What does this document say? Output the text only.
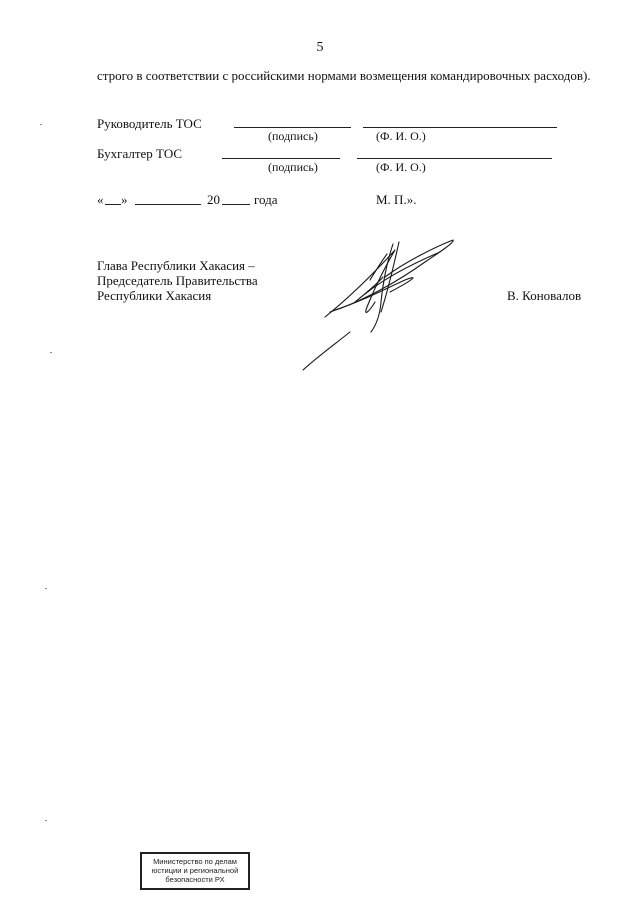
5
строго в соответствии с российскими нормами возмещения командировочных расходов).
Руководитель ТОС
(подпись)	(Ф. И. О.)
Бухгалтер ТОС
(подпись)	(Ф. И. О.)
« »	20	года	М. П.».
Глава Республики Хакасия –
Председатель Правительства
Республики Хакасия	В. Коновалов
Министерство по делам
юстиции и региональной
безопасности РХ
